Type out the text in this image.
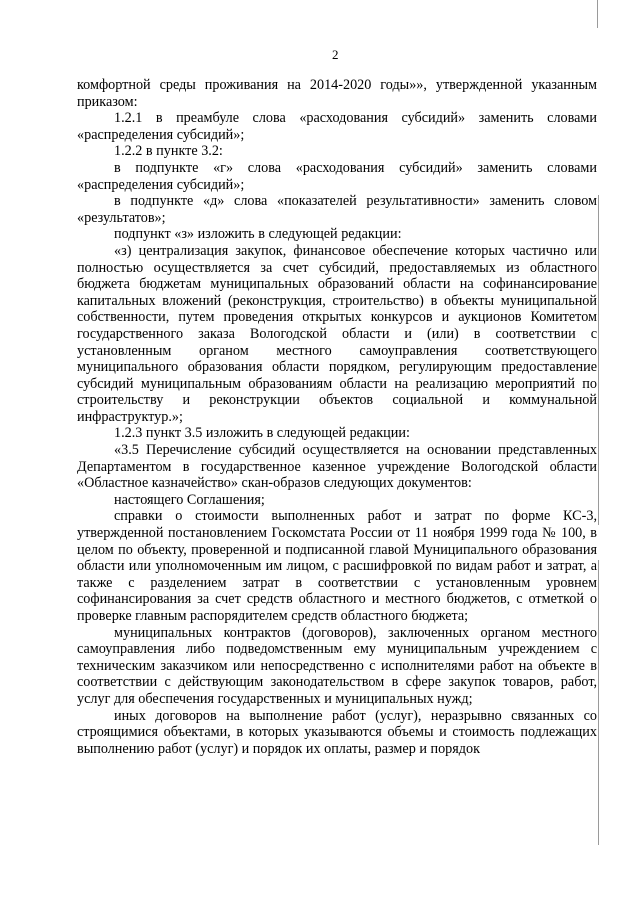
2

комфортной среды проживания на 2014-2020 годы»», утвержденной указанным приказом:

1.2.1 в преамбуле слова «расходования субсидий» заменить словами «распределения субсидий»;

1.2.2 в пункте 3.2:

в подпункте «г» слова «расходования субсидий» заменить словами «распределения субсидий»;

в подпункте «д» слова «показателей результативности» заменить словом «результатов»;

подпункт «з» изложить в следующей редакции:

«з) централизация закупок, финансовое обеспечение которых частично или полностью осуществляется за счет субсидий, предоставляемых из областного бюджета бюджетам муниципальных образований области на софинансирование капитальных вложений (реконструкция, строительство) в объекты муниципальной собственности, путем проведения открытых конкурсов и аукционов Комитетом государственного заказа Вологодской области и (или) в соответствии с установленным органом местного самоуправления соответствующего муниципального образования области порядком, регулирующим предоставление субсидий муниципальным образованиям области на реализацию мероприятий по строительству и реконструкции объектов социальной и коммунальной инфраструктур.»;

1.2.3 пункт 3.5 изложить в следующей редакции:

«3.5 Перечисление субсидий осуществляется на основании представленных Департаментом в государственное казенное учреждение Вологодской области «Областное казначейство» скан-образов следующих документов:

настоящего Соглашения;

справки о стоимости выполненных работ и затрат по форме КС-3, утвержденной постановлением Госкомстата России от 11 ноября 1999 года № 100, в целом по объекту, проверенной и подписанной главой Муниципального образования области или уполномоченным им лицом, с расшифровкой по видам работ и затрат, а также с разделением затрат в соответствии с установленным уровнем софинансирования за счет средств областного и местного бюджетов, с отметкой о проверке главным распорядителем средств областного бюджета;

муниципальных контрактов (договоров), заключенных органом местного самоуправления либо подведомственным ему муниципальным учреждением с техническим заказчиком или непосредственно с исполнителями работ на объекте в соответствии с действующим законодательством в сфере закупок товаров, работ, услуг для обеспечения государственных и муниципальных нужд;

иных договоров на выполнение работ (услуг), неразрывно связанных со строящимися объектами, в которых указываются объемы и стоимость подлежащих выполнению работ (услуг) и порядок их оплаты, размер и порядок
